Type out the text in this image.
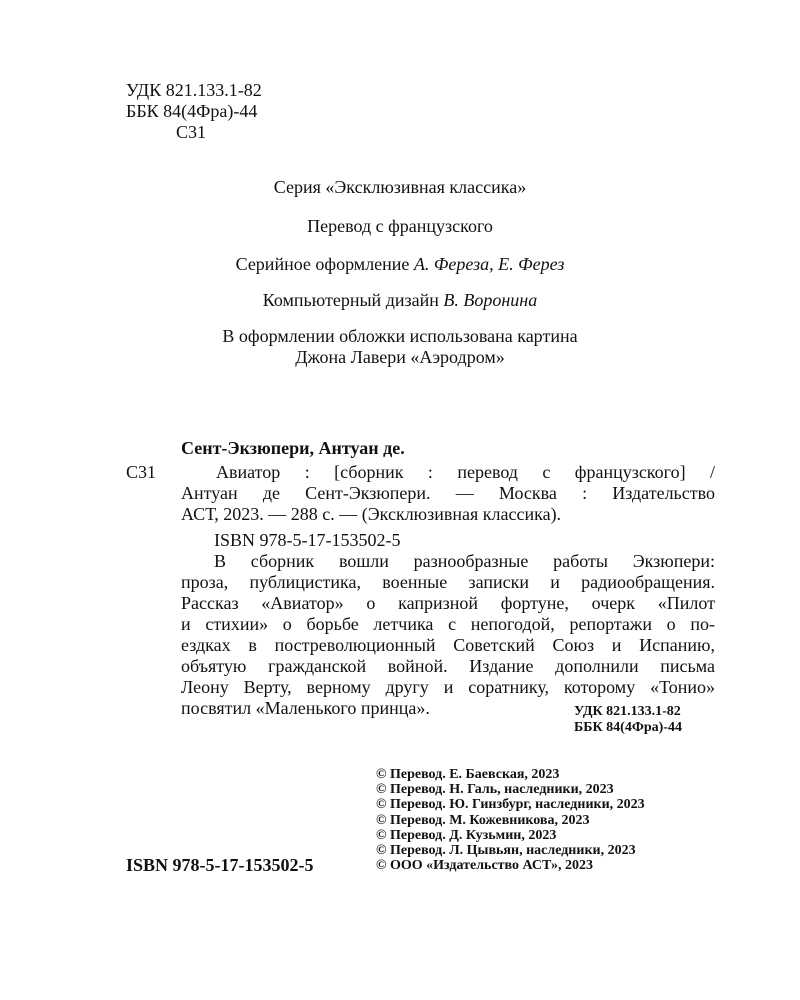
УДК 821.133.1-82
ББК 84(4Фра)-44
С31
Серия «Эксклюзивная классика»
Перевод с французского
Серийное оформление А. Фереза, Е. Ферез
Компьютерный дизайн В. Воронина
В оформлении обложки использована картина
Джона Лавери «Аэродром»
Сент-Экзюпери, Антуан де.
С31	Авиатор : [сборник : перевод с французского] /
Антуан де Сент-Экзюпери. — Москва : Издательство
АСТ, 2023. — 288 с. — (Эксклюзивная классика).
ISBN 978-5-17-153502-5
В сборник вошли разнообразные работы Экзюпери:
проза, публицистика, военные записки и радиообращения.
Рассказ «Авиатор» о капризной фортуне, очерк «Пилот
и стихии» о борьбе летчика с непогодой, репортажи о по-
ездках в постреволюционный Советский Союз и Испанию,
объятую гражданской войной. Издание дополнили письма
Леону Верту, верному другу и соратнику, которому «Тонио»
посвятил «Маленького принца».	УДК 821.133.1-82
ББК 84(4Фра)-44
ISBN 978-5-17-153502-5
© Перевод. Е. Баевская, 2023
© Перевод. Н. Галь, наследники, 2023
© Перевод. Ю. Гинзбург, наследники, 2023
© Перевод. М. Кожевникова, 2023
© Перевод. Д. Кузьмин, 2023
© Перевод. Л. Цывьян, наследники, 2023
© ООО «Издательство АСТ», 2023
